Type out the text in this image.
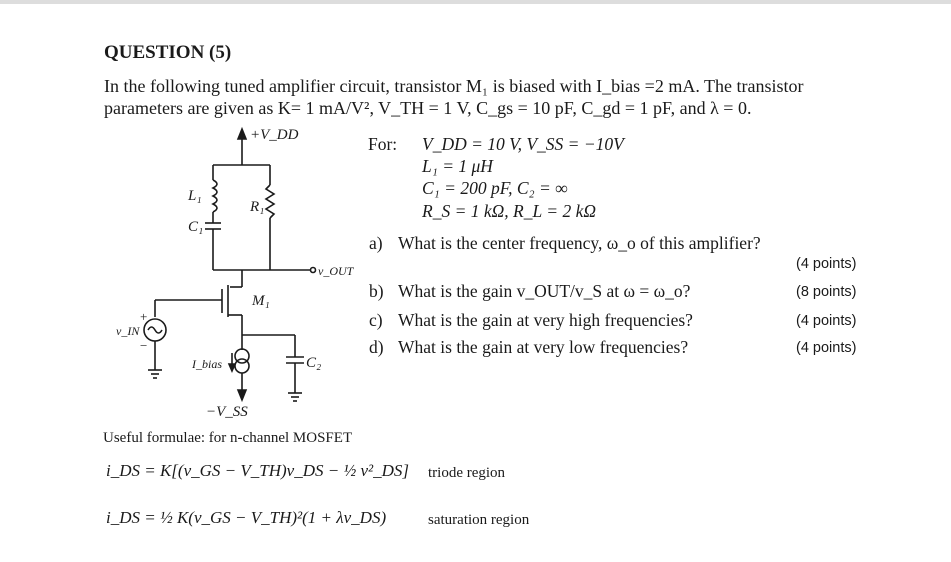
QUESTION (5)
In the following tuned amplifier circuit, transistor M₁ is biased with I_bias =2 mA. The transistor
parameters are given as K= 1 mA/V², V_TH = 1 V, C_gs = 10 pF, C_gd = 1 pF, and λ = 0.
+V_DD
L₁
C₁
R₁
v_OUT
M₁
v_IN
+
−
I_bias	C₂
−V_SS
For: V_DD = 10 V, V_SS = −10V
L₁ = 1 μH
C₁ = 200 pF, C₂ = ∞
R_S = 1 kΩ, R_L = 2 kΩ
a) What is the center frequency, ω_o of this amplifier?
(4 points)
b) What is the gain v_OUT/v_S at ω = ω_o?	(8 points)
c) What is the gain at very high frequencies?	(4 points)
d) What is the gain at very low frequencies?	(4 points)
Useful formulae: for n-channel MOSFET
i_DS = K[(v_GS − V_TH)v_DS − ½ v²_DS] triode region
i_DS = ½ K(v_GS − V_TH)²(1 + λv_DS)	saturation region
